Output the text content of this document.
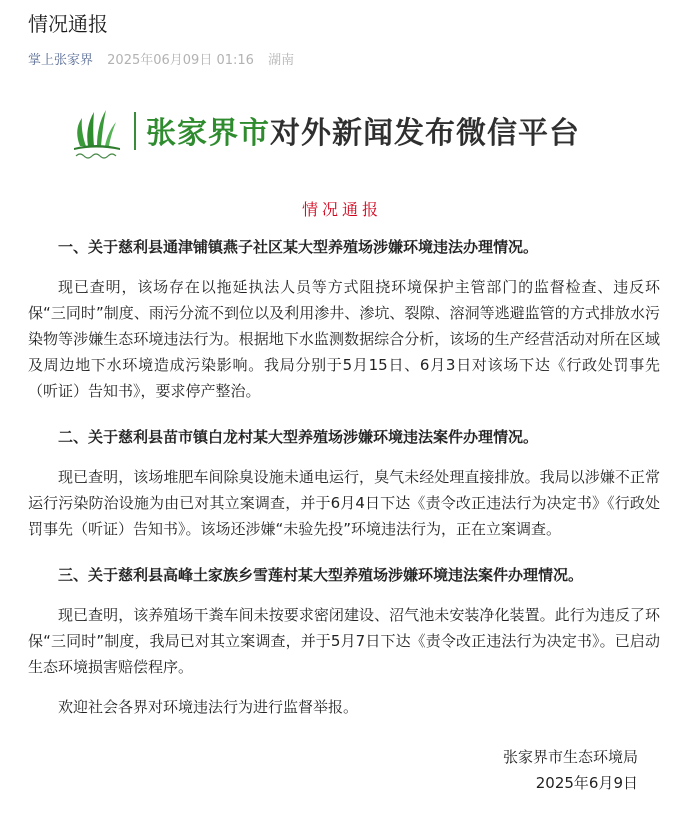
情况通报
掌上张家界 2025年06月09日 01:16 湖南
张家界市对外新闻发布微信平台
情况通报

一、关于慈利县通津铺镇燕子社区某大型养殖场涉嫌环境违法办理情况。

现已查明，该场存在以拖延执法人员等方式阻挠环境保护主管部门的监督检查、违反环保“三同时”制度、雨污分流不到位以及利用渗井、渗坑、裂隙、溶洞等逃避监管的方式排放水污染物等涉嫌生态环境违法行为。根据地下水监测数据综合分析，该场的生产经营活动对所在区域及周边地下水环境造成污染影响。我局分别于5月15日、6月3日对该场下达《行政处罚事先（听证）告知书》，要求停产整治。

二、关于慈利县苗市镇白龙村某大型养殖场涉嫌环境违法案件办理情况。

现已查明，该场堆肥车间除臭设施未通电运行，臭气未经处理直接排放。我局以涉嫌不正常运行污染防治设施为由已对其立案调查，并于6月4日下达《责令改正违法行为决定书》《行政处罚事先（听证）告知书》。该场还涉嫌“未验先投”环境违法行为，正在立案调查。

三、关于慈利县高峰土家族乡雪莲村某大型养殖场涉嫌环境违法案件办理情况。

现已查明，该养殖场干粪车间未按要求密闭建设、沼气池未安装净化装置。此行为违反了环保“三同时”制度，我局已对其立案调查，并于5月7日下达《责令改正违法行为决定书》。已启动生态环境损害赔偿程序。

欢迎社会各界对环境违法行为进行监督举报。

张家界市生态环境局
2025年6月9日
